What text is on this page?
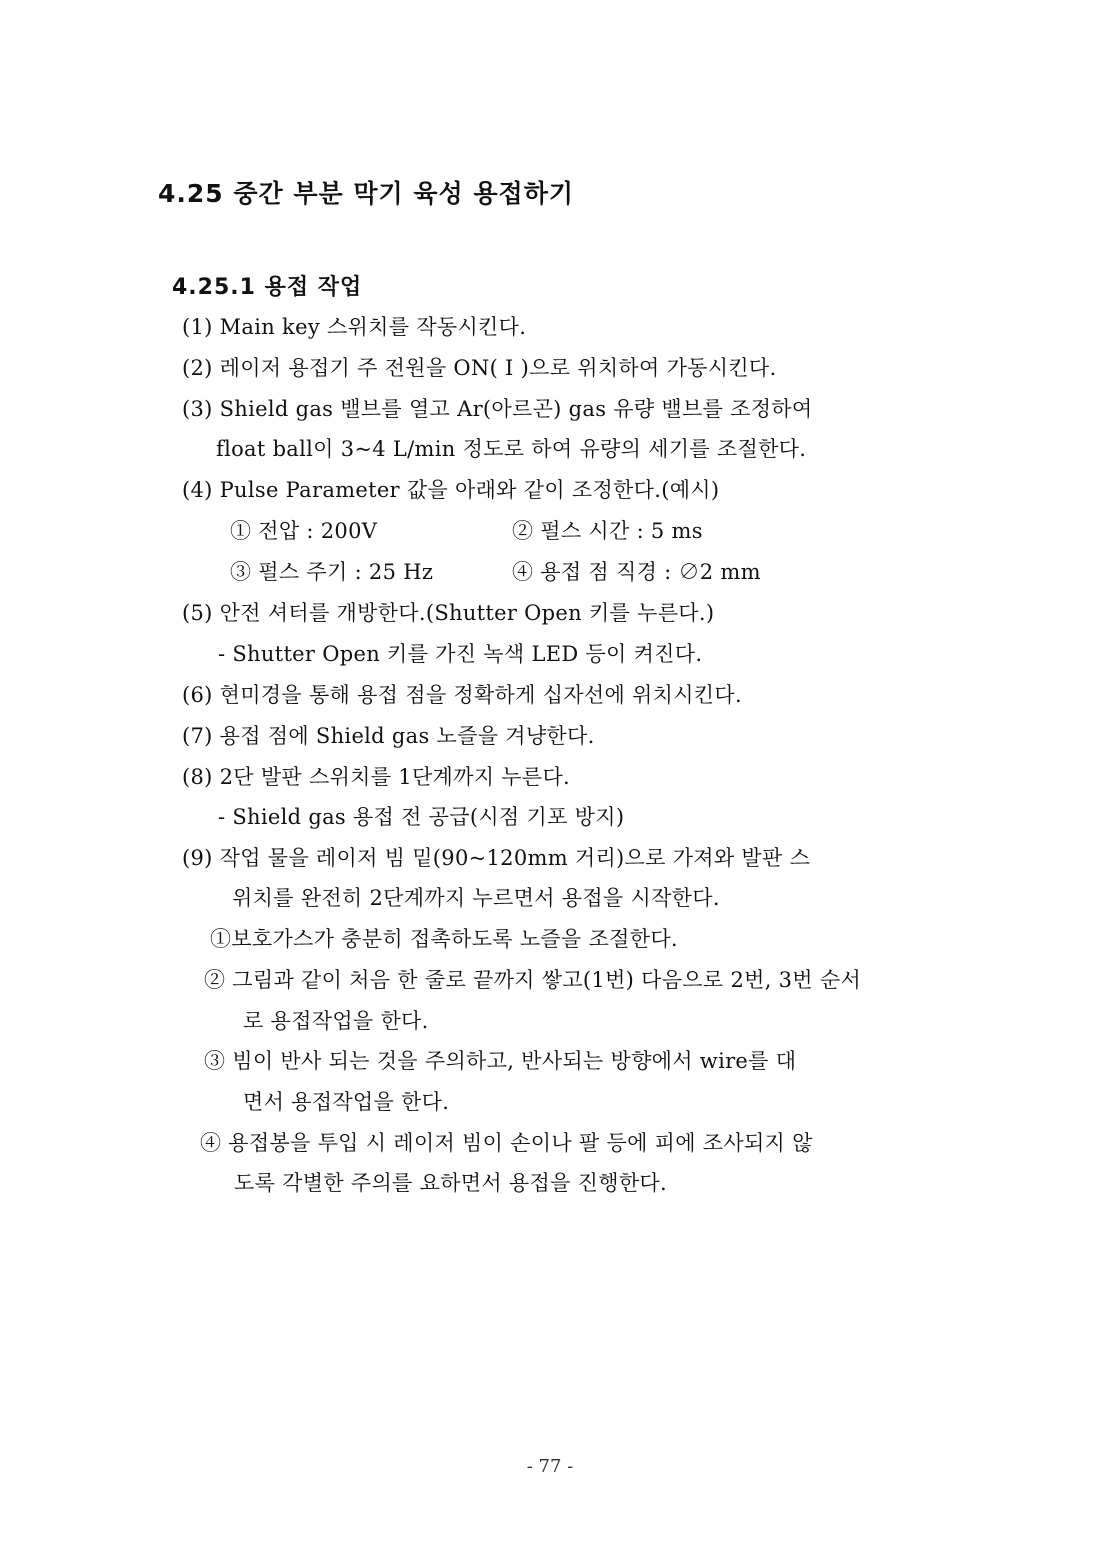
4.25 중간 부분 막기 육성 용접하기
4.25.1 용접 작업
(1) Main key 스위치를 작동시킨다.
(2) 레이저 용접기 주 전원을 ON( I )으로 위치하여 가동시킨다.
(3) Shield gas 밸브를 열고 Ar(아르곤) gas 유량 밸브를 조정하여
float ball이 3~4 L/min 정도로 하여 유량의 세기를 조절한다.
(4) Pulse Parameter 값을 아래와 같이 조정한다.(예시)
① 전압 : 200V	② 펄스 시간 : 5 ms
③ 펄스 주기 : 25 Hz	④ 용접 점 직경 : ∅2 mm
(5) 안전 셔터를 개방한다.(Shutter Open 키를 누른다.)
- Shutter Open 키를 가진 녹색 LED 등이 켜진다.
(6) 현미경을 통해 용접 점을 정확하게 십자선에 위치시킨다.
(7) 용접 점에 Shield gas 노즐을 겨냥한다.
(8) 2단 발판 스위치를 1단계까지 누른다.
- Shield gas 용접 전 공급(시점 기포 방지)
(9) 작업 물을 레이저 빔 밑(90~120mm 거리)으로 가져와 발판 스
위치를 완전히 2단계까지 누르면서 용접을 시작한다.
①보호가스가 충분히 접촉하도록 노즐을 조절한다.
② 그림과 같이 처음 한 줄로 끝까지 쌓고(1번) 다음으로 2번, 3번 순서
로 용접작업을 한다.
③ 빔이 반사 되는 것을 주의하고, 반사되는 방향에서 wire를 대
면서 용접작업을 한다.
④ 용접봉을 투입 시 레이저 빔이 손이나 팔 등에 피에 조사되지 않
도록 각별한 주의를 요하면서 용접을 진행한다.
- 77 -
